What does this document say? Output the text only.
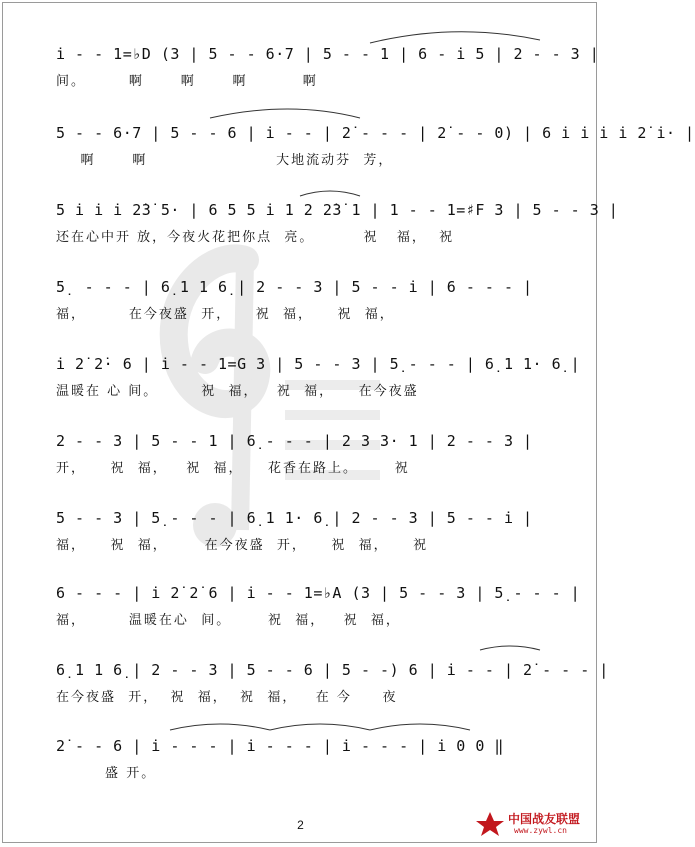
i̇ - - 1=♭D (3 | 5 - - 6·7 | 5 - - 1 | 6 - i̇ 5 | 2 - - 3 |
间。       啊      啊      啊         啊
5 - - 6·7 | 5 - - 6 | i̇ - - | 2̇ - - - | 2̇ - - 0) | 6 i̇ i̇ i̇ i̇ 2̇ i̇· |
啊      啊                     大地流动芬  芳，
5 i̇ i̇ i̇ 2̇3̇ 5· | 6 5 5 i̇ 1 2 2̇3̇ 1 | 1 - - 1=♯F 3 | 5 - - 3 |
还在心中开 放，今夜火花把你点  亮。        祝   福，  祝
5̣  - - - | 6̣ 1 1 6̣ | 2 - - 3 | 5 - - i̇ | 6 - - - |
福，       在今夜盛  开，    祝  福，    祝  福，
i̇ 2̇ 2̇· 6 | i̇ - - 1=G 3 | 5 - - 3 | 5̣ - - - | 6̣ 1 1· 6̣ |
温暖在 心 间。       祝  福，   祝  福，    在今夜盛
2 - - 3 | 5 - - 1 | 6̣ - - - | 2 3 3· 1 | 2 - - 3 |
开，    祝  福，   祝  福，    花香在路上。      祝
5 - - 3 | 5̣ - - - | 6̣ 1 1· 6̣ | 2 - - 3 | 5 - - i̇ |
福，    祝  福，      在今夜盛  开，    祝  福，    祝
6 - - - | i̇ 2̇ 2̇ 6 | i̇ - - 1=♭A (3 | 5 - - 3 | 5̣ - - - |
福，       温暖在心  间。      祝  福，   祝  福，
6̣ 1 1 6̣ | 2 - - 3 | 5 - - 6 | 5 - -) 6 | i̇ - - | 2̇ - - - |
在今夜盛  开，  祝  福，  祝  福，   在 今     夜
2̇ - - 6 | i̇ - - - | i̇ - - - | i̇ - - - | i̇ 0 0 ‖
盛 开。
2	中国战友联盟
www.zywl.cn
